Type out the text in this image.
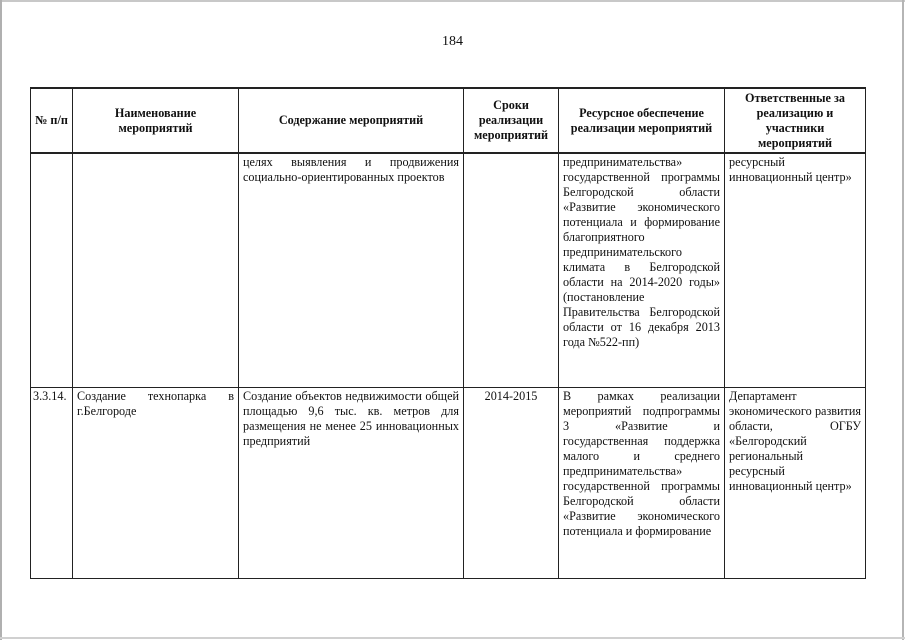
184
№ п/п	Наименование мероприятий	Содержание мероприятий	Сроки реализации мероприятий	Ресурсное обеспечение реализации мероприятий	Ответственные за реализацию и участники мероприятий
		целях выявления и продвижения социально-ориентированных проектов		предпринимательства» государственной программы Белгородской области «Развитие экономического потенциала и формирование благоприятного предпринимательского климата в Белгородской области на 2014-2020 годы» (постановление Правительства Белгородской области от 16 декабря 2013 года №522-пп)	ресурсный инновационный центр»
3.3.14.	Создание технопарка в г.Белгороде	Создание объектов недвижимости общей площадью 9,6 тыс. кв. метров для размещения не менее 25 инновационных предприятий	2014-2015	В рамках реализации мероприятий подпрограммы 3 «Развитие и государственная поддержка малого и среднего предпринимательства» государственной программы Белгородской области «Развитие экономического потенциала и формирование	Департамент экономического развития области, ОГБУ «Белгородский региональный ресурсный инновационный центр»
